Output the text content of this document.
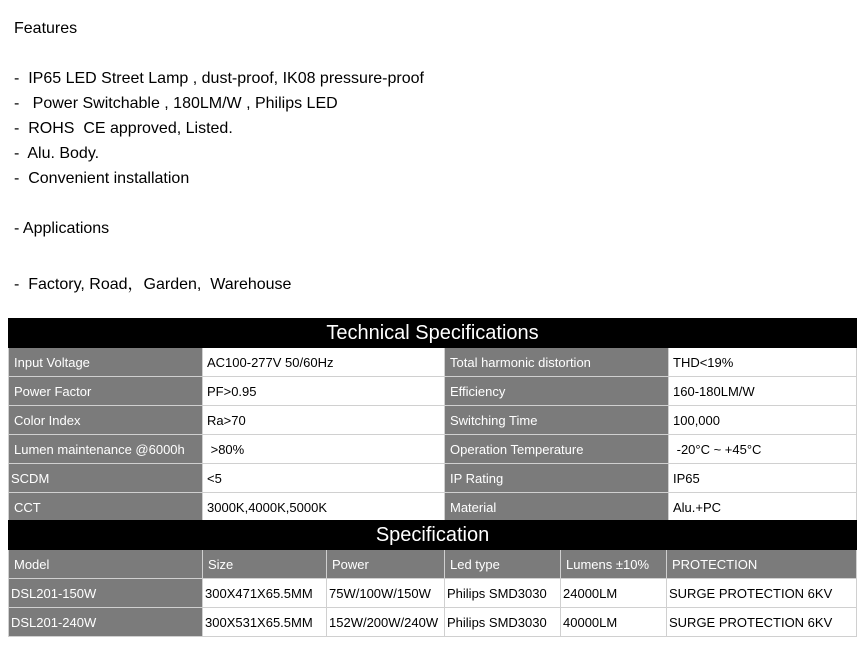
Features
-  IP65 LED Street Lamp , dust-proof, IK08 pressure-proof
-   Power Switchable , 180LM/W , Philips LED
-  ROHS  CE approved, Listed.
-  Alu. Body.
-  Convenient installation
- Applications
-  Factory, Road，Garden,  Warehouse
Technical Specifications			
Input Voltage	AC100-277V 50/60Hz	Total harmonic distortion	THD<19%
Power Factor	PF>0.95	Efficiency	160-180LM/W
Color Index	Ra>70	Switching Time	100,000
Lumen maintenance @6000h	>80%	Operation Temperature	-20°C ~ +45°C
SCDM	<5	IP Rating	IP65
CCT	3000K,4000K,5000K	Material	Alu.+PC
Specification					
Model	Size	Power	Led type	Lumens ±10%	PROTECTION
DSL201-150W	300X471X65.5MM	75W/100W/150W	Philips SMD3030	24000LM	SURGE PROTECTION 6KV
DSL201-240W	300X531X65.5MM	152W/200W/240W	Philips SMD3030	40000LM	SURGE PROTECTION 6KV
